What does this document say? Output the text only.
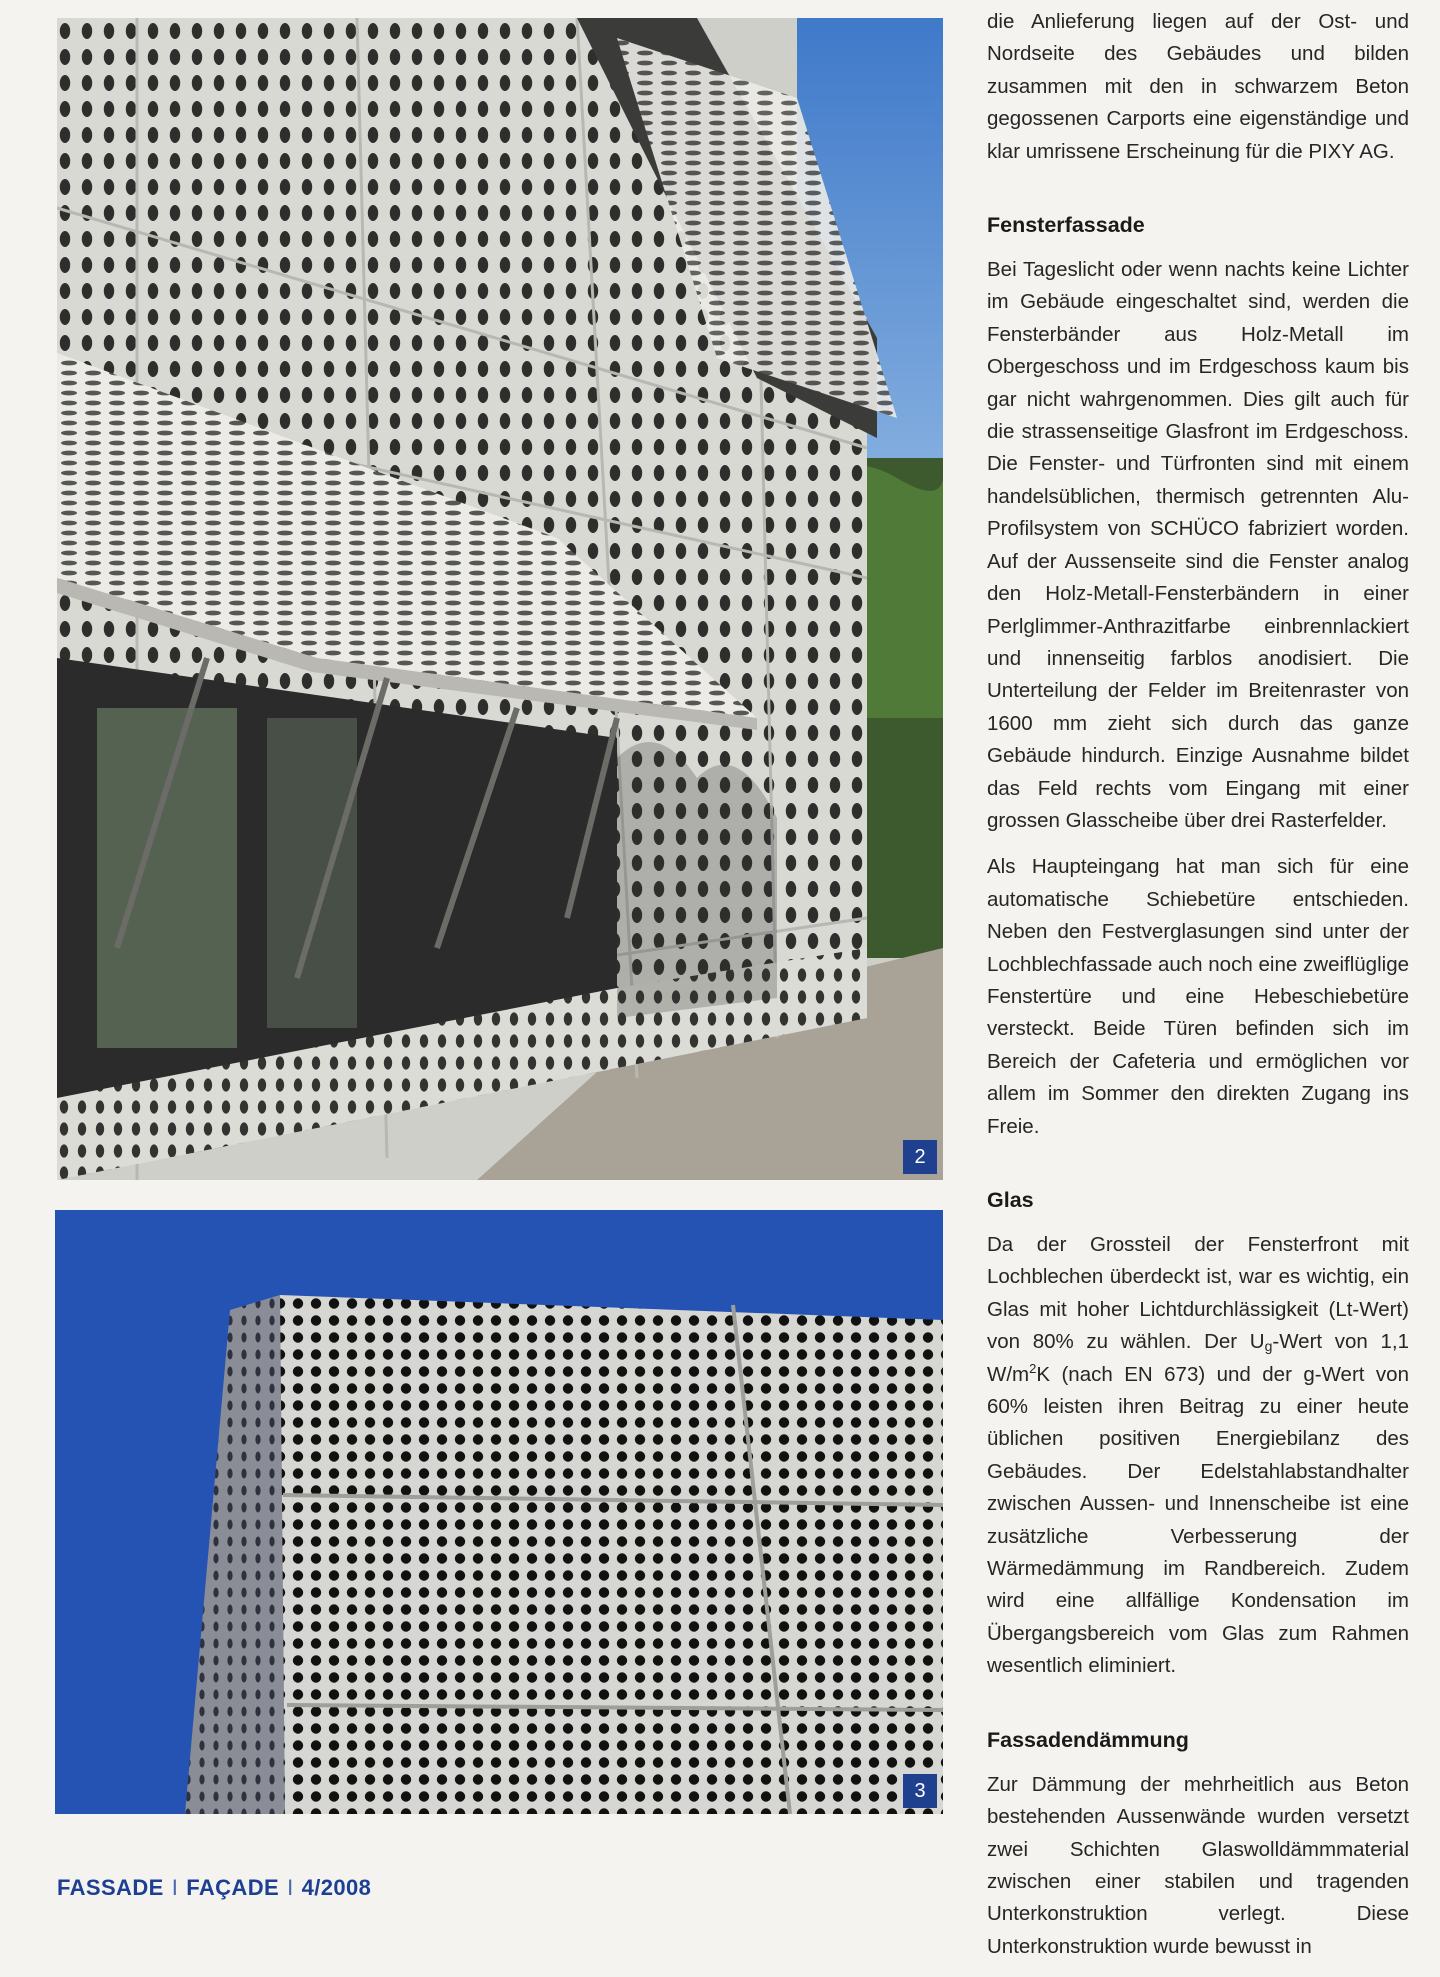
2
3

die Anlieferung liegen auf der Ost- und Nordseite des Gebäudes und bilden zusammen mit den in schwarzem Beton gegossenen Carports eine eigenständige und klar umrissene Erscheinung für die PIXY AG.

Fensterfassade

Bei Tageslicht oder wenn nachts keine Lichter im Gebäude eingeschaltet sind, werden die Fensterbänder aus Holz-Metall im Obergeschoss und im Erdgeschoss kaum bis gar nicht wahrgenommen. Dies gilt auch für die strassenseitige Glasfront im Erdgeschoss. Die Fenster- und Türfronten sind mit einem handelsüblichen, thermisch getrennten Alu-Profilsystem von SCHÜCO fabriziert worden. Auf der Aussenseite sind die Fenster analog den Holz-Metall-Fensterbändern in einer Perlglimmer-Anthrazitfarbe einbrennlackiert und innenseitig farblos anodisiert. Die Unterteilung der Felder im Breitenraster von 1600 mm zieht sich durch das ganze Gebäude hindurch. Einzige Ausnahme bildet das Feld rechts vom Eingang mit einer grossen Glasscheibe über drei Rasterfelder.

Als Haupteingang hat man sich für eine automatische Schiebetüre entschieden. Neben den Festverglasungen sind unter der Lochblechfassade auch noch eine zweiflüglige Fenstertüre und eine Hebeschiebetüre versteckt. Beide Türen befinden sich im Bereich der Cafeteria und ermöglichen vor allem im Sommer den direkten Zugang ins Freie.

Glas

Da der Grossteil der Fensterfront mit Lochblechen überdeckt ist, war es wichtig, ein Glas mit hoher Lichtdurchlässigkeit (Lt-Wert) von 80% zu wählen. Der $U_g$-Wert von 1,1 $W/m^2K$ (nach EN 673) und der g-Wert von 60% leisten ihren Beitrag zu einer heute üblichen positiven Energiebilanz des Gebäudes. Der Edelstahlabstandhalter zwischen Aussen- und Innenscheibe ist eine zusätzliche Verbesserung der Wärmedämmung im Randbereich. Zudem wird eine allfällige Kondensation im Übergangsbereich vom Glas zum Rahmen wesentlich eliminiert.

Fassadendämmung

Zur Dämmung der mehrheitlich aus Beton bestehenden Aussenwände wurden versetzt zwei Schichten Glaswolldämmmaterial zwischen einer stabilen und tragenden Unterkonstruktion verlegt. Diese Unterkonstruktion wurde bewusst in

FASSADE I FAÇADE I 4/2008
